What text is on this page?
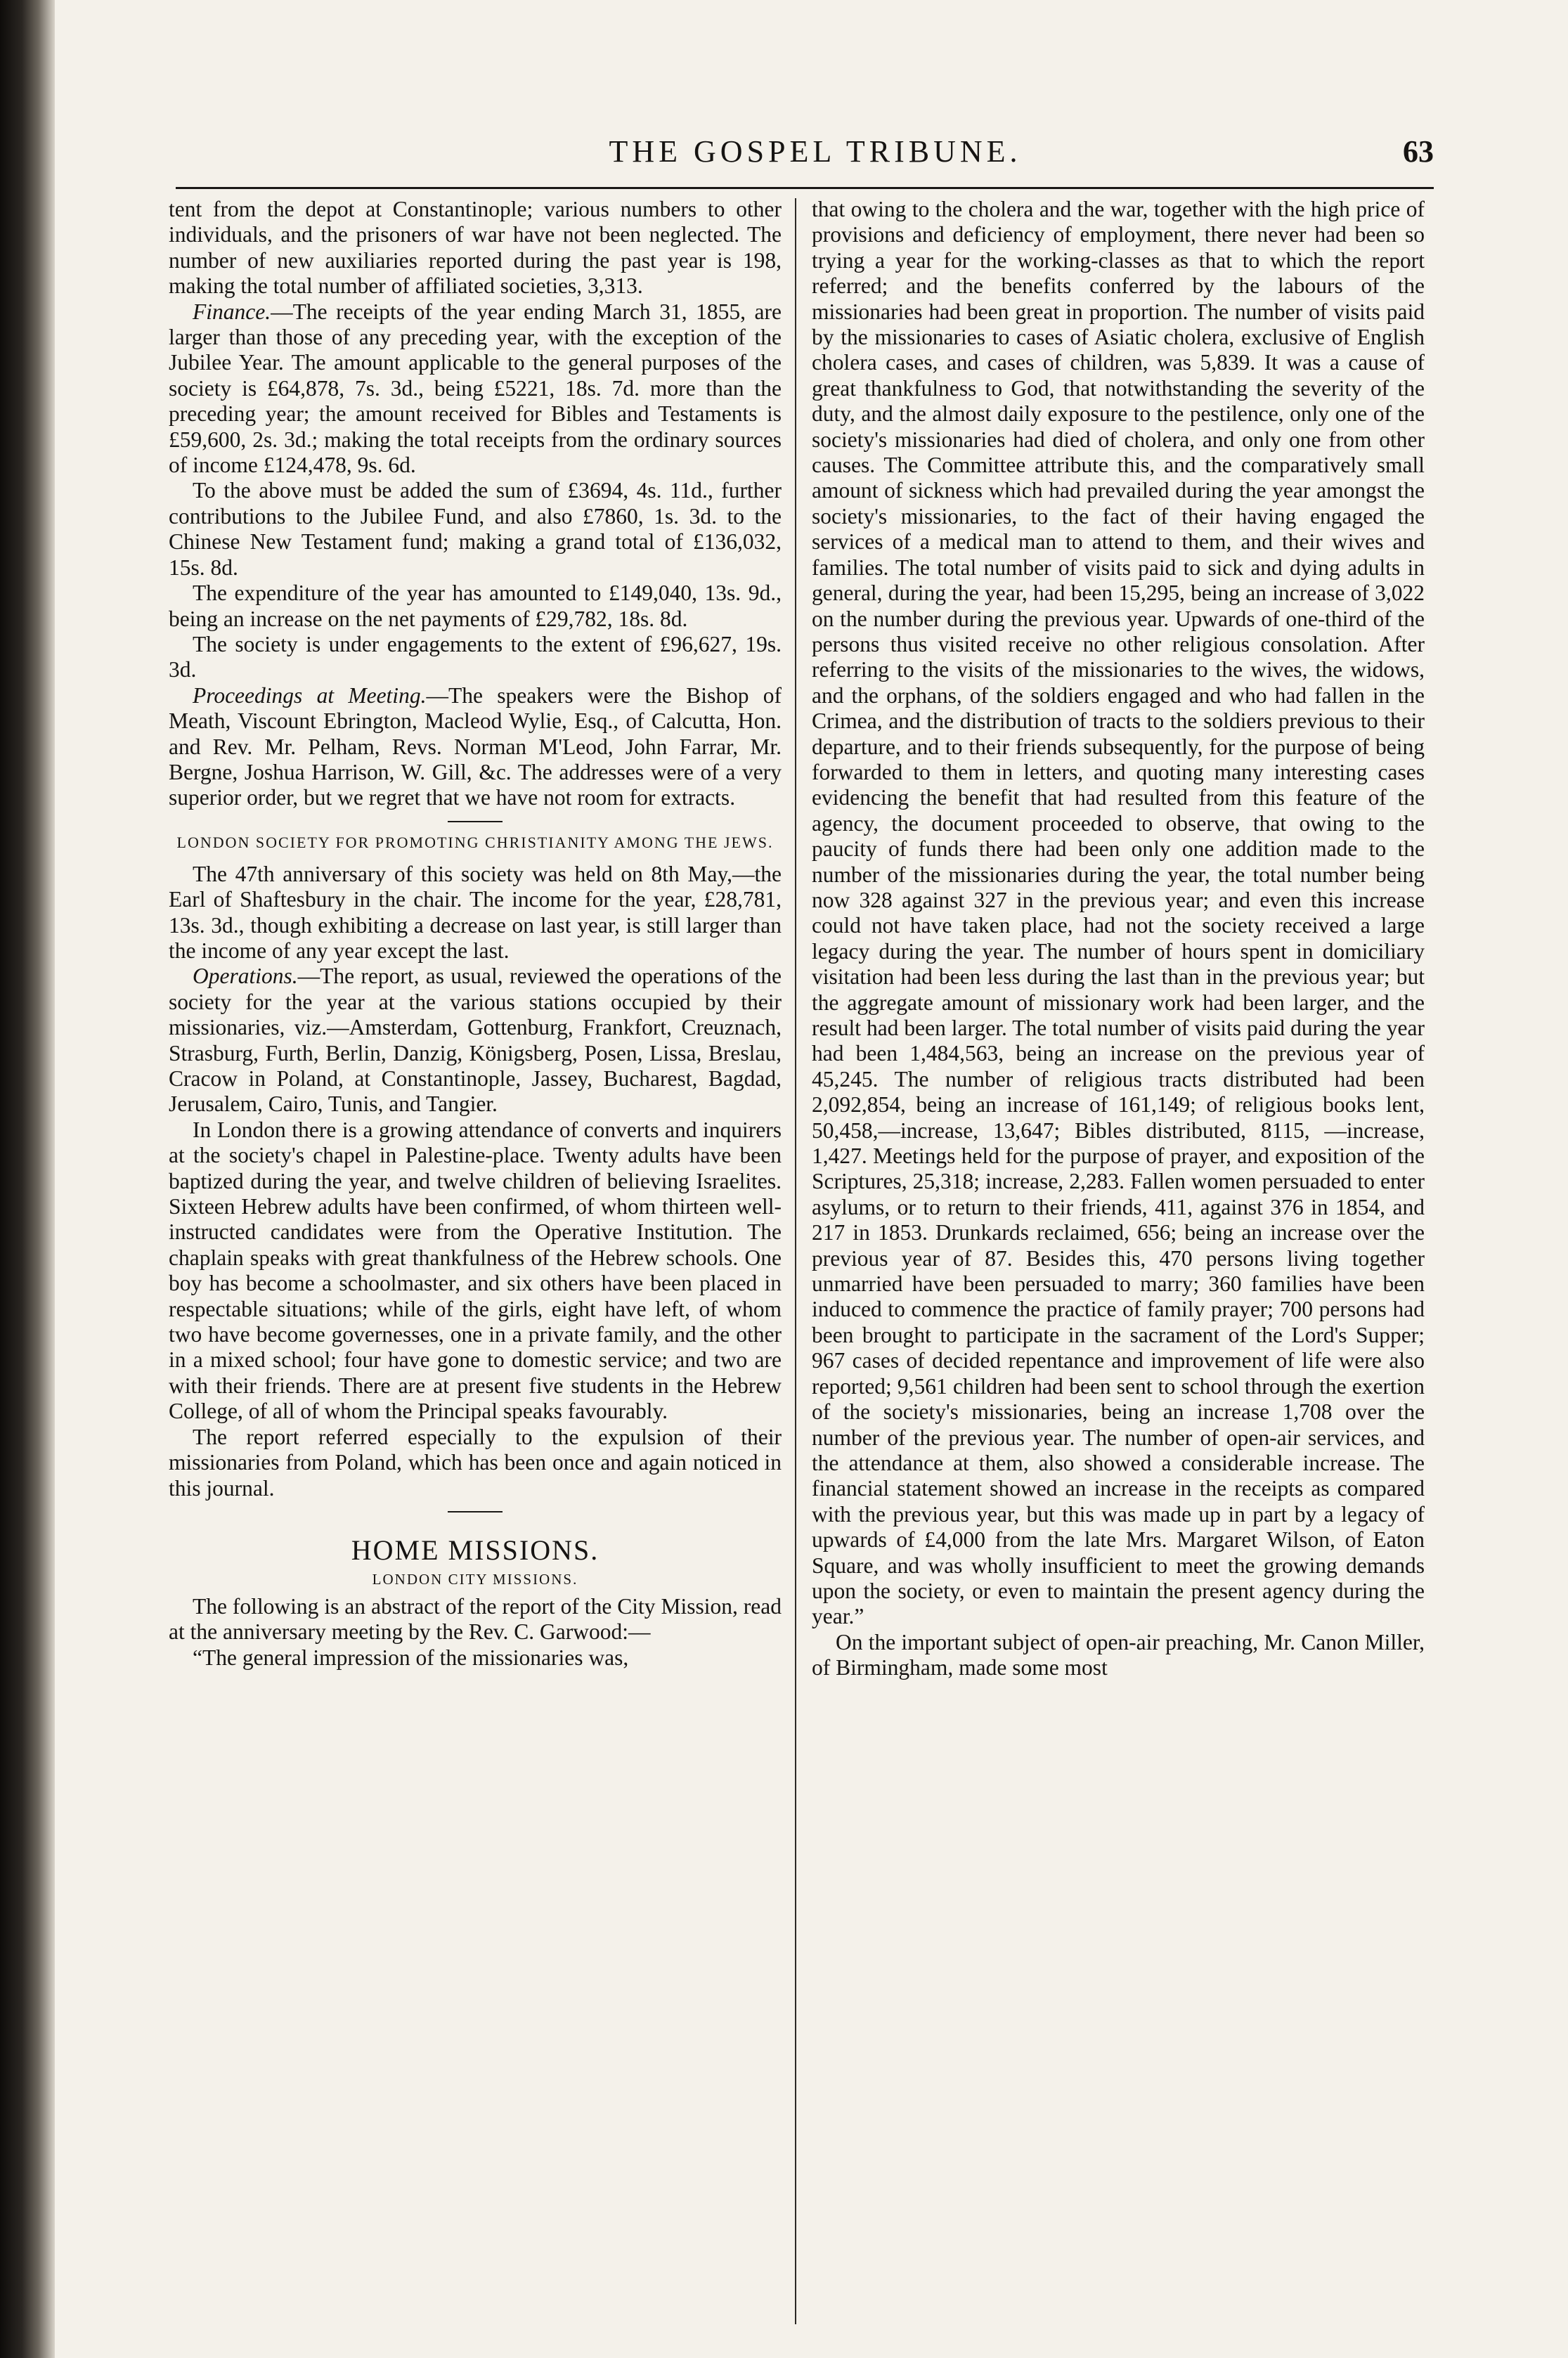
THE GOSPEL TRIBUNE.	63

tent from the depot at Constantinople; various numbers to other individuals, and the prisoners of war have not been neglected. The number of new auxiliaries reported during the past year is 198, making the total number of affiliated societies, 3,313.

Finance.—The receipts of the year ending March 31, 1855, are larger than those of any preceding year, with the exception of the Jubilee Year. The amount applicable to the general purposes of the society is £64,878, 7s. 3d., being £5221, 18s. 7d. more than the preceding year; the amount received for Bibles and Testaments is £59,600, 2s. 3d.; making the total receipts from the ordinary sources of income £124,478, 9s. 6d.

To the above must be added the sum of £3694, 4s. 11d., further contributions to the Jubilee Fund, and also £7860, 1s. 3d. to the Chinese New Testament fund; making a grand total of £136,032, 15s. 8d.

The expenditure of the year has amounted to £149,040, 13s. 9d., being an increase on the net payments of £29,782, 18s. 8d.

The society is under engagements to the extent of £96,627, 19s. 3d.

Proceedings at Meeting.—The speakers were the Bishop of Meath, Viscount Ebrington, Macleod Wylie, Esq., of Calcutta, Hon. and Rev. Mr. Pelham, Revs. Norman M'Leod, John Farrar, Mr. Bergne, Joshua Harrison, W. Gill, &c. The addresses were of a very superior order, but we regret that we have not room for extracts.

LONDON SOCIETY FOR PROMOTING CHRISTIANITY AMONG THE JEWS.

The 47th anniversary of this society was held on 8th May,—the Earl of Shaftesbury in the chair. The income for the year, £28,781, 13s. 3d., though exhibiting a decrease on last year, is still larger than the income of any year except the last.

Operations.—The report, as usual, reviewed the operations of the society for the year at the various stations occupied by their missionaries, viz.—Amsterdam, Gottenburg, Frankfort, Creuznach, Strasburg, Furth, Berlin, Danzig, Königsberg, Posen, Lissa, Breslau, Cracow in Poland, at Constantinople, Jassey, Bucharest, Bagdad, Jerusalem, Cairo, Tunis, and Tangier.

In London there is a growing attendance of converts and inquirers at the society's chapel in Palestine-place. Twenty adults have been baptized during the year, and twelve children of believing Israelites. Sixteen Hebrew adults have been confirmed, of whom thirteen well-instructed candidates were from the Operative Institution. The chaplain speaks with great thankfulness of the Hebrew schools. One boy has become a schoolmaster, and six others have been placed in respectable situations; while of the girls, eight have left, of whom two have become governesses, one in a private family, and the other in a mixed school; four have gone to domestic service; and two are with their friends. There are at present five students in the Hebrew College, of all of whom the Principal speaks favourably.

The report referred especially to the expulsion of their missionaries from Poland, which has been once and again noticed in this journal.

HOME MISSIONS.
LONDON CITY MISSIONS.

The following is an abstract of the report of the City Mission, read at the anniversary meeting by the Rev. C. Garwood:—

“The general impression of the missionaries was,

that owing to the cholera and the war, together with the high price of provisions and deficiency of employment, there never had been so trying a year for the working-classes as that to which the report referred; and the benefits conferred by the labours of the missionaries had been great in proportion. The number of visits paid by the missionaries to cases of Asiatic cholera, exclusive of English cholera cases, and cases of children, was 5,839. It was a cause of great thankfulness to God, that notwithstanding the severity of the duty, and the almost daily exposure to the pestilence, only one of the society's missionaries had died of cholera, and only one from other causes. The Committee attribute this, and the comparatively small amount of sickness which had prevailed during the year amongst the society's missionaries, to the fact of their having engaged the services of a medical man to attend to them, and their wives and families. The total number of visits paid to sick and dying adults in general, during the year, had been 15,295, being an increase of 3,022 on the number during the previous year. Upwards of one-third of the persons thus visited receive no other religious consolation. After referring to the visits of the missionaries to the wives, the widows, and the orphans, of the soldiers engaged and who had fallen in the Crimea, and the distribution of tracts to the soldiers previous to their departure, and to their friends subsequently, for the purpose of being forwarded to them in letters, and quoting many interesting cases evidencing the benefit that had resulted from this feature of the agency, the document proceeded to observe, that owing to the paucity of funds there had been only one addition made to the number of the missionaries during the year, the total number being now 328 against 327 in the previous year; and even this increase could not have taken place, had not the society received a large legacy during the year. The number of hours spent in domiciliary visitation had been less during the last than in the previous year; but the aggregate amount of missionary work had been larger, and the result had been larger. The total number of visits paid during the year had been 1,484,563, being an increase on the previous year of 45,245. The number of religious tracts distributed had been 2,092,854, being an increase of 161,149; of religious books lent, 50,458,—increase, 13,647; Bibles distributed, 8115, —increase, 1,427. Meetings held for the purpose of prayer, and exposition of the Scriptures, 25,318; increase, 2,283. Fallen women persuaded to enter asylums, or to return to their friends, 411, against 376 in 1854, and 217 in 1853. Drunkards reclaimed, 656; being an increase over the previous year of 87. Besides this, 470 persons living together unmarried have been persuaded to marry; 360 families have been induced to commence the practice of family prayer; 700 persons had been brought to participate in the sacrament of the Lord's Supper; 967 cases of decided repentance and improvement of life were also reported; 9,561 children had been sent to school through the exertion of the society's missionaries, being an increase 1,708 over the number of the previous year. The number of open-air services, and the attendance at them, also showed a considerable increase. The financial statement showed an increase in the receipts as compared with the previous year, but this was made up in part by a legacy of upwards of £4,000 from the late Mrs. Margaret Wilson, of Eaton Square, and was wholly insufficient to meet the growing demands upon the society, or even to maintain the present agency during the year.”

On the important subject of open-air preaching, Mr. Canon Miller, of Birmingham, made some most
